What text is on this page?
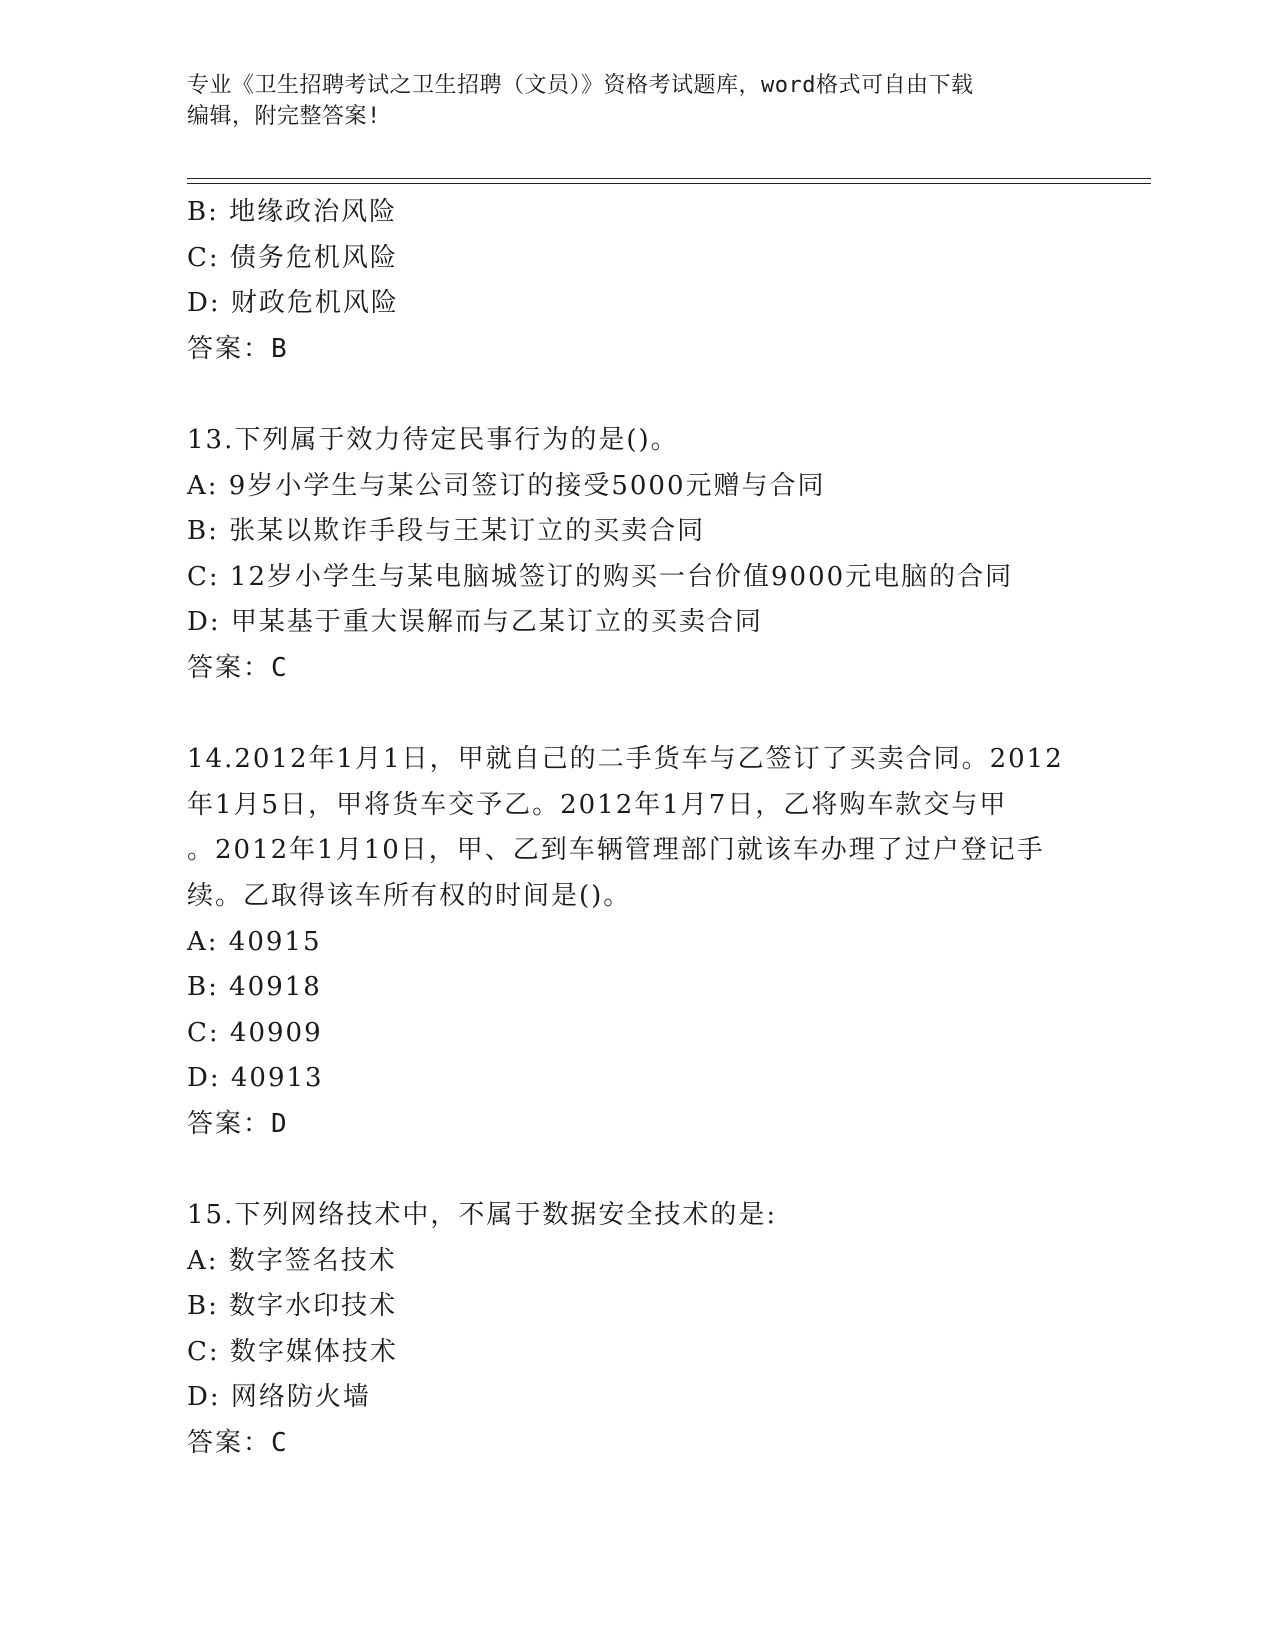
专业《卫生招聘考试之卫生招聘（文员）》资格考试题库，word格式可自由下载
编辑，附完整答案!
B: 地缘政治风险
C: 债务危机风险
D: 财政危机风险
答案：B
13.下列属于效力待定民事行为的是()。
A: 9岁小学生与某公司签订的接受5000元赠与合同
B: 张某以欺诈手段与王某订立的买卖合同
C: 12岁小学生与某电脑城签订的购买一台价值9000元电脑的合同
D: 甲某基于重大误解而与乙某订立的买卖合同
答案：C
14.2012年1月1日，甲就自己的二手货车与乙签订了买卖合同。2012
年1月5日，甲将货车交予乙。2012年1月7日，乙将购车款交与甲
。2012年1月10日，甲、乙到车辆管理部门就该车办理了过户登记手
续。乙取得该车所有权的时间是()。
A: 40915
B: 40918
C: 40909
D: 40913
答案：D
15.下列网络技术中，不属于数据安全技术的是:
A: 数字签名技术
B: 数字水印技术
C: 数字媒体技术
D: 网络防火墙
答案：C
